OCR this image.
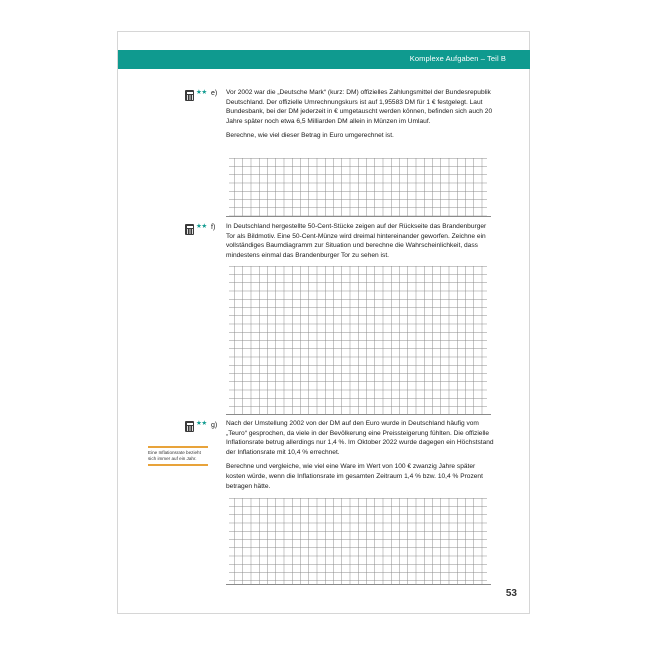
Komplexe Aufgaben – Teil B
★★ e) Vor 2002 war die „Deutsche Mark“ (kurz: DM) offizielles Zahlungsmittel der Bundesrepublik Deutschland. Der offizielle Umrechnungskurs ist auf 1,95583 DM für 1 € festgelegt. Laut Bundesbank, bei der DM jederzeit in € umgetauscht werden können, befinden sich auch 20 Jahre später noch etwa 6,5 Milliarden DM allein in Münzen im Umlauf.

Berechne, wie viel dieser Betrag in Euro umgerechnet ist.

★★ f) In Deutschland hergestellte 50-Cent-Stücke zeigen auf der Rückseite das Brandenburger Tor als Bildmotiv. Eine 50-Cent-Münze wird dreimal hintereinander geworfen. Zeichne ein vollständiges Baumdiagramm zur Situation und berechne die Wahrscheinlichkeit, dass mindestens einmal das Brandenburger Tor zu sehen ist.

★★ g) Nach der Umstellung 2002 von der DM auf den Euro wurde in Deutschland häufig vom „Teuro“ gesprochen, da viele in der Bevölkerung eine Preissteigerung fühlten. Die offizielle Inflationsrate betrug allerdings nur 1,4 %. Im Oktober 2022 wurde dagegen ein Höchststand der Inflationsrate mit 10,4 % errechnet.

Berechne und vergleiche, wie viel eine Ware im Wert von 100 € zwanzig Jahre später kosten würde, wenn die Inflationsrate im gesamten Zeitraum 1,4 % bzw. 10,4 % Prozent betragen hätte.

Eine Inflationsrate bezieht sich immer auf ein Jahr.
53
